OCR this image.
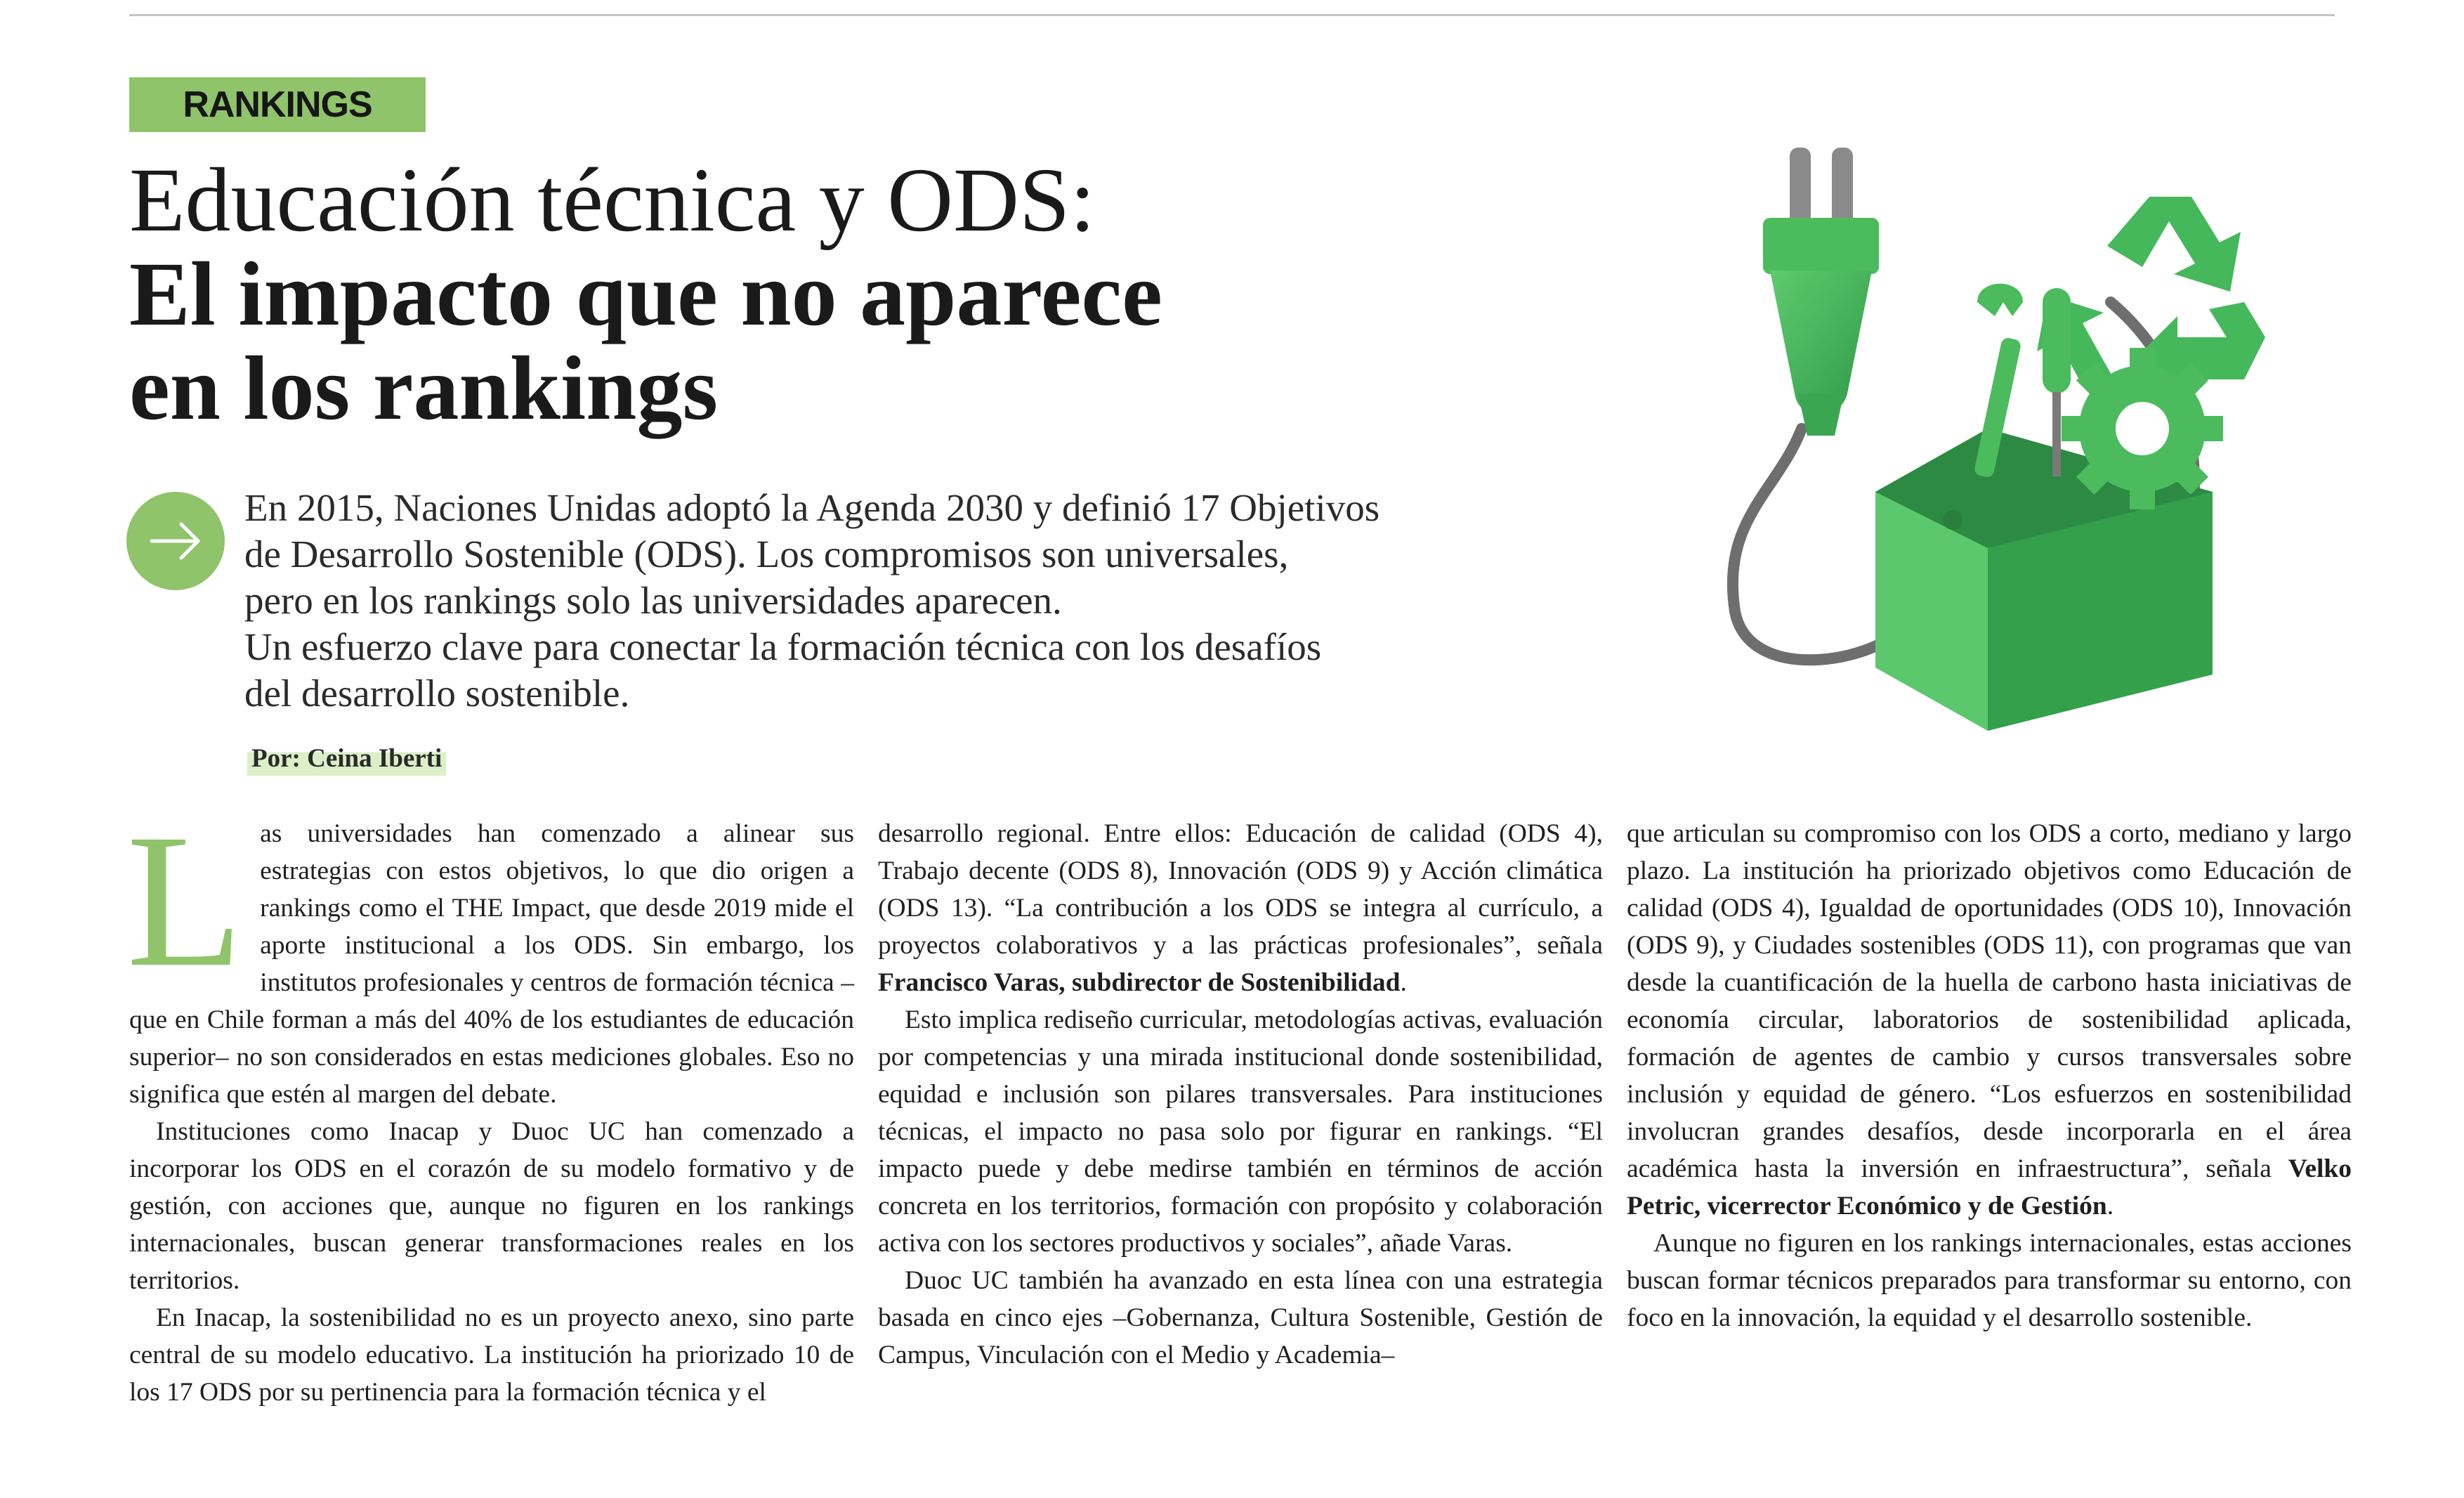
RANKINGS
Educación técnica y ODS:
El impacto que no aparece
en los rankings
En 2015, Naciones Unidas adoptó la Agenda 2030 y definió 17 Objetivos
de Desarrollo Sostenible (ODS). Los compromisos son universales,
pero en los rankings solo las universidades aparecen.
Un esfuerzo clave para conectar la formación técnica con los desafíos
del desarrollo sostenible.
Por: Ceina Iberti

Las universidades han comenzado a alinear sus estrategias con estos objetivos, lo que dio origen a rankings como el THE Impact, que desde 2019 mide el aporte institucional a los ODS. Sin embargo, los institutos profesionales y centros de formación técnica –que en Chile forman a más del 40% de los estudiantes de educación superior– no son considerados en estas mediciones globales. Eso no significa que estén al margen del debate.

Instituciones como Inacap y Duoc UC han comenzado a incorporar los ODS en el corazón de su modelo formativo y de gestión, con acciones que, aunque no figuren en los rankings internacionales, buscan generar transformaciones reales en los territorios.

En Inacap, la sostenibilidad no es un proyecto anexo, sino parte central de su modelo educativo. La institución ha priorizado 10 de los 17 ODS por su pertinencia para la formación técnica y el

desarrollo regional. Entre ellos: Educación de calidad (ODS 4), Trabajo decente (ODS 8), Innovación (ODS 9) y Acción climática (ODS 13). “La contribución a los ODS se integra al currículo, a proyectos colaborativos y a las prácticas profesionales”, señala Francisco Varas, subdirector de Sostenibilidad.

Esto implica rediseño curricular, metodologías activas, evaluación por competencias y una mirada institucional donde sostenibilidad, equidad e inclusión son pilares transversales. Para instituciones técnicas, el impacto no pasa solo por figurar en rankings. “El impacto puede y debe medirse también en términos de acción concreta en los territorios, formación con propósito y colaboración activa con los sectores productivos y sociales”, añade Varas.

Duoc UC también ha avanzado en esta línea con una estrategia basada en cinco ejes –Gobernanza, Cultura Sostenible, Gestión de Campus, Vinculación con el Medio y Academia–

que articulan su compromiso con los ODS a corto, mediano y largo plazo. La institución ha priorizado objetivos como Educación de calidad (ODS 4), Igualdad de oportunidades (ODS 10), Innovación (ODS 9), y Ciudades sostenibles (ODS 11), con programas que van desde la cuantificación de la huella de carbono hasta iniciativas de economía circular, laboratorios de sostenibilidad aplicada, formación de agentes de cambio y cursos transversales sobre inclusión y equidad de género. “Los esfuerzos en sostenibilidad involucran grandes desafíos, desde incorporarla en el área académica hasta la inversión en infraestructura”, señala Velko Petric, vicerrector Económico y de Gestión.

Aunque no figuren en los rankings internacionales, estas acciones buscan formar técnicos preparados para transformar su entorno, con foco en la innovación, la equidad y el desarrollo sostenible.
